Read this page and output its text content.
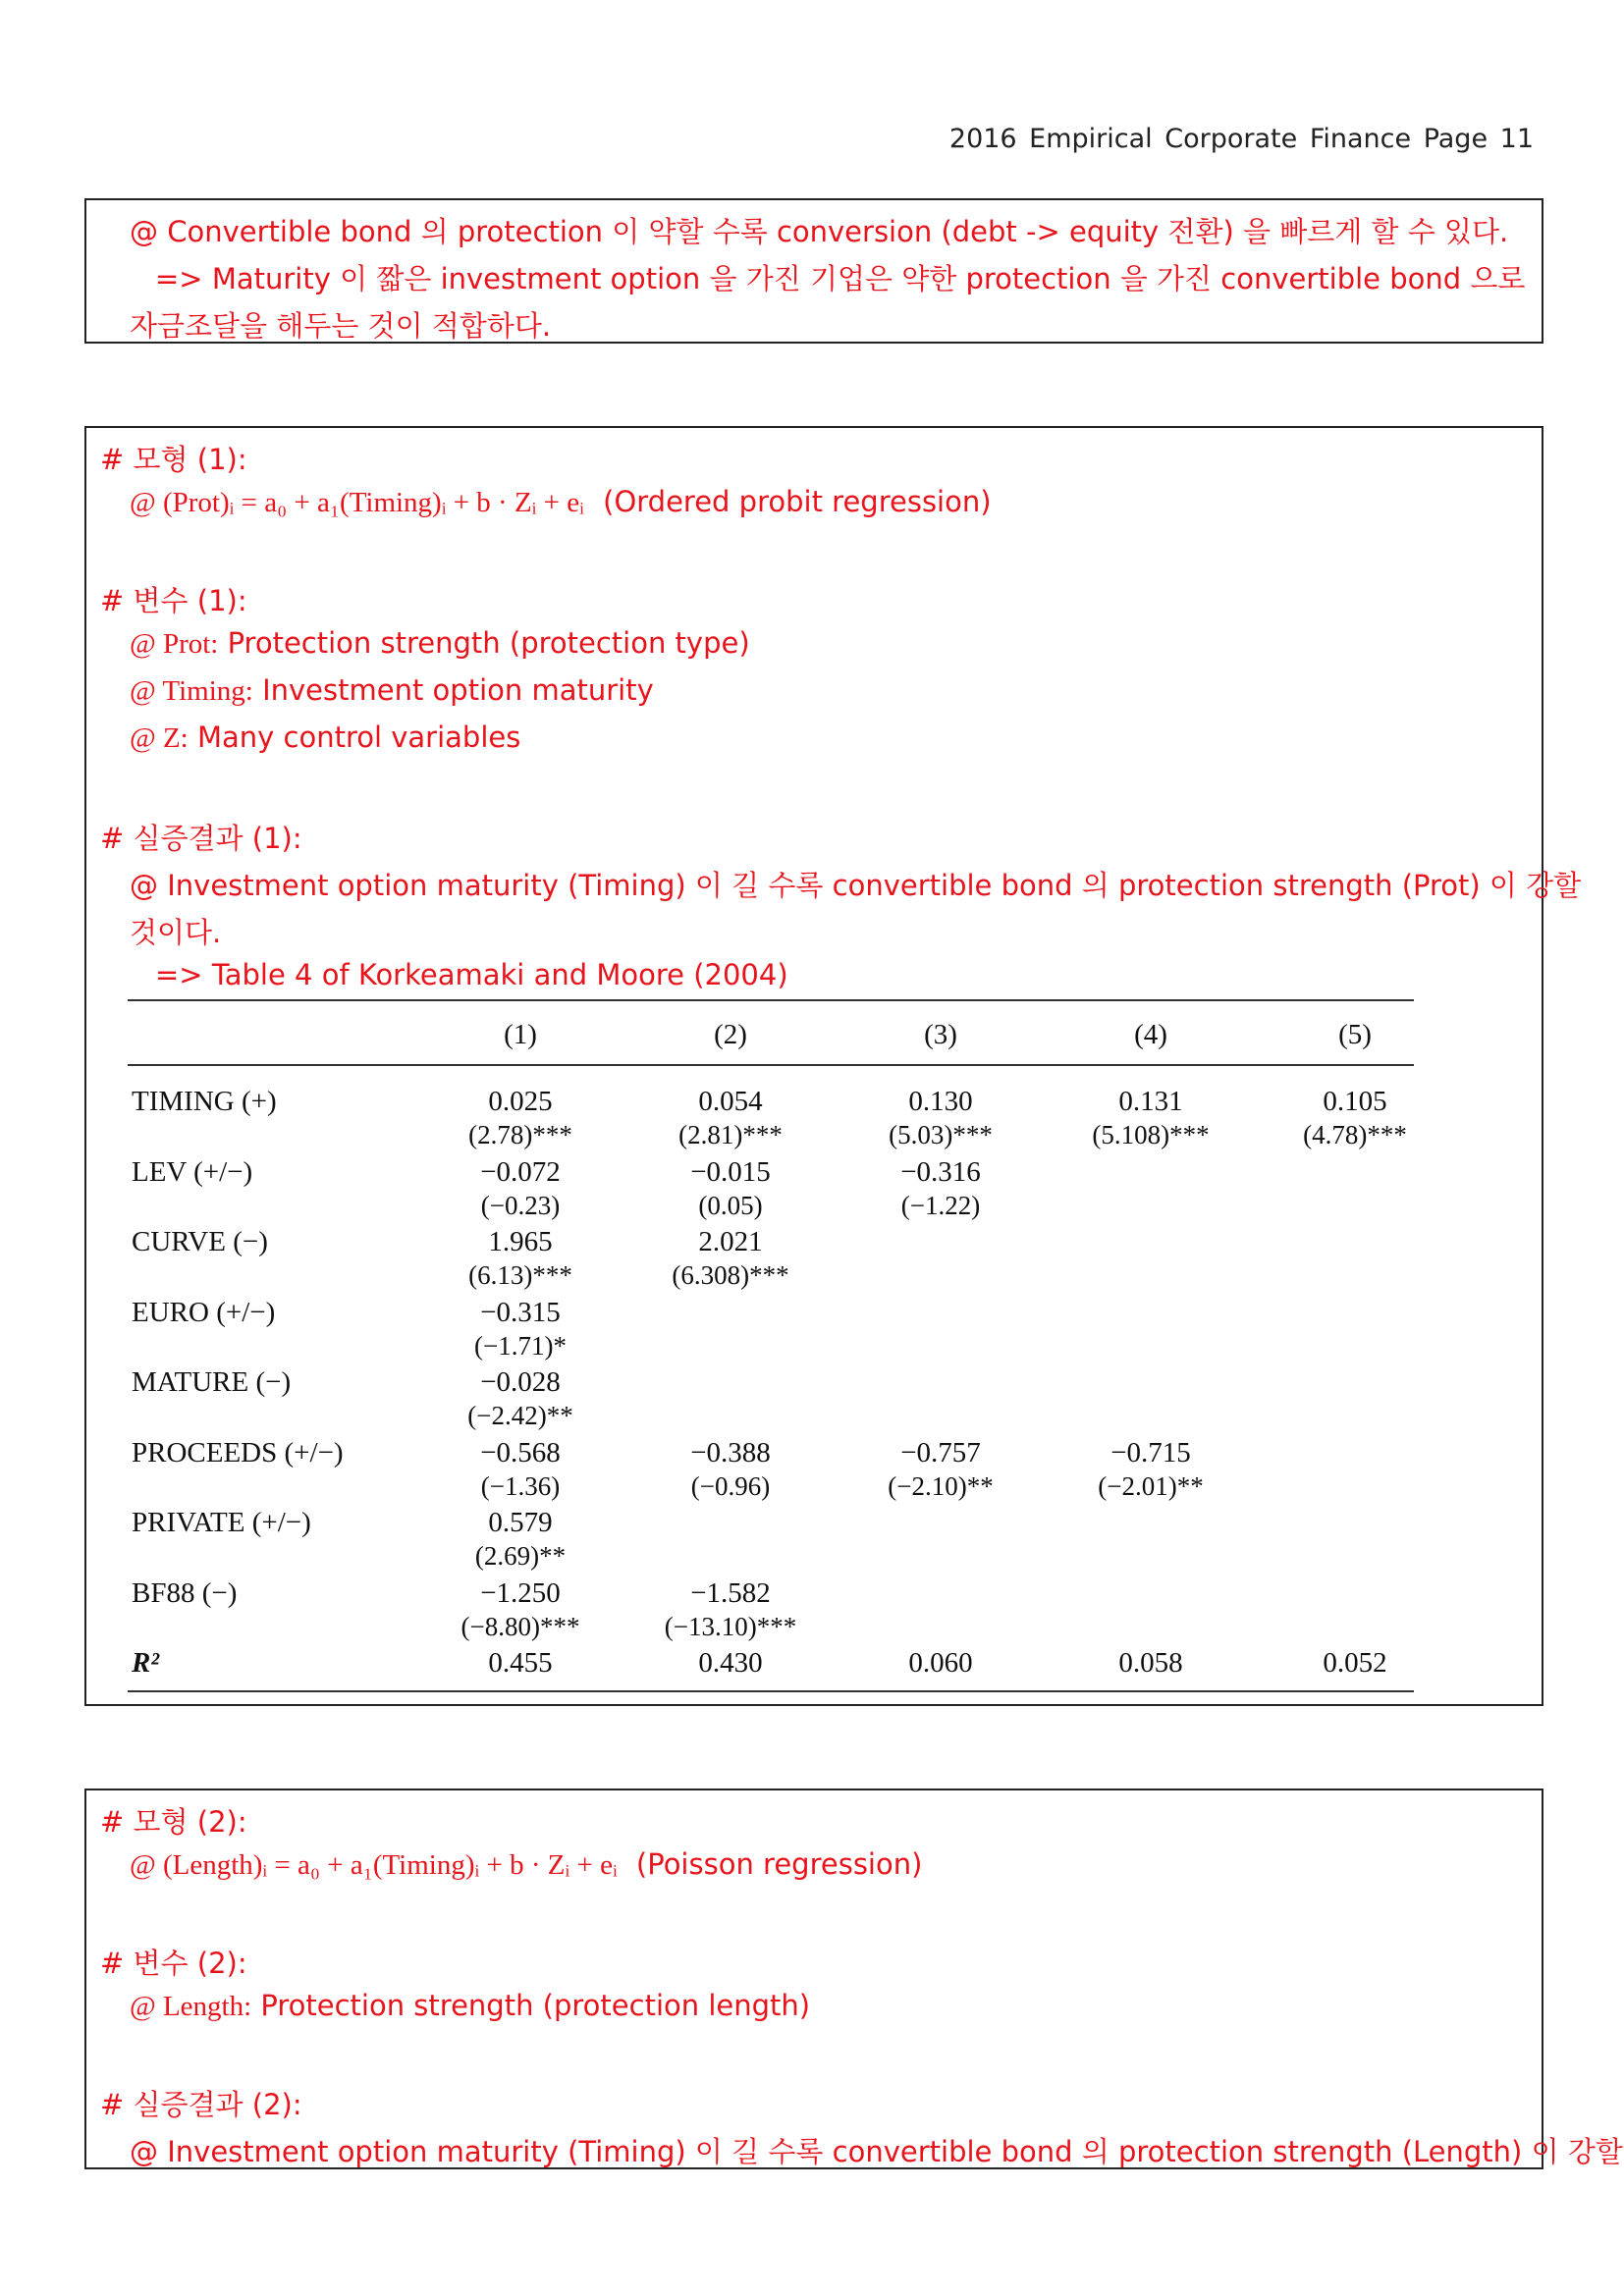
2016 Empirical Corporate Finance Page 11
@ Convertible bond 의 protection 이 약할 수록 conversion (debt -> equity 전환) 을 빠르게 할 수 있다.
=> Maturity 이 짧은 investment option 을 가진 기업은 약한 protection 을 가진 convertible bond 으로
자금조달을 해두는 것이 적합하다.
# 모형 (1):
@ (Prot)ᵢ = a₀ + a₁(Timing)ᵢ + b · Zᵢ + eᵢ (Ordered probit regression)
# 변수 (1):
@ Prot: Protection strength (protection type)
@ Timing: Investment option maturity
@ Z: Many control variables
# 실증결과 (1):
@ Investment option maturity (Timing) 이 길 수록 convertible bond 의 protection strength (Prot) 이 강할
것이다.
=> Table 4 of Korkeamaki and Moore (2004)
(1)	(2)	(3)	(4)	(5)
TIMING (+)	0.025	0.054	0.130	0.131	0.105
(2.78)***	(2.81)***	(5.03)***	(5.108)***	(4.78)***
LEV (+/−)	−0.072	−0.015	−0.316
(−0.23)	(0.05)	(−1.22)
CURVE (−)	1.965	2.021
(6.13)***	(6.308)***
EURO (+/−)	−0.315
(−1.71)*
MATURE (−)	−0.028
(−2.42)**
PROCEEDS (+/−)	−0.568	−0.388	−0.757	−0.715
(−1.36)	(−0.96)	(−2.10)**	(−2.01)**
PRIVATE (+/−)	0.579
(2.69)**
BF88 (−)	−1.250	−1.582
(−8.80)***	(−13.10)***
R²	0.455	0.430	0.060	0.058	0.052
# 모형 (2):
@ (Length)ᵢ = a₀ + a₁(Timing)ᵢ + b · Zᵢ + eᵢ (Poisson regression)
# 변수 (2):
@ Length: Protection strength (protection length)
# 실증결과 (2):
@ Investment option maturity (Timing) 이 길 수록 convertible bond 의 protection strength (Length) 이 강할
